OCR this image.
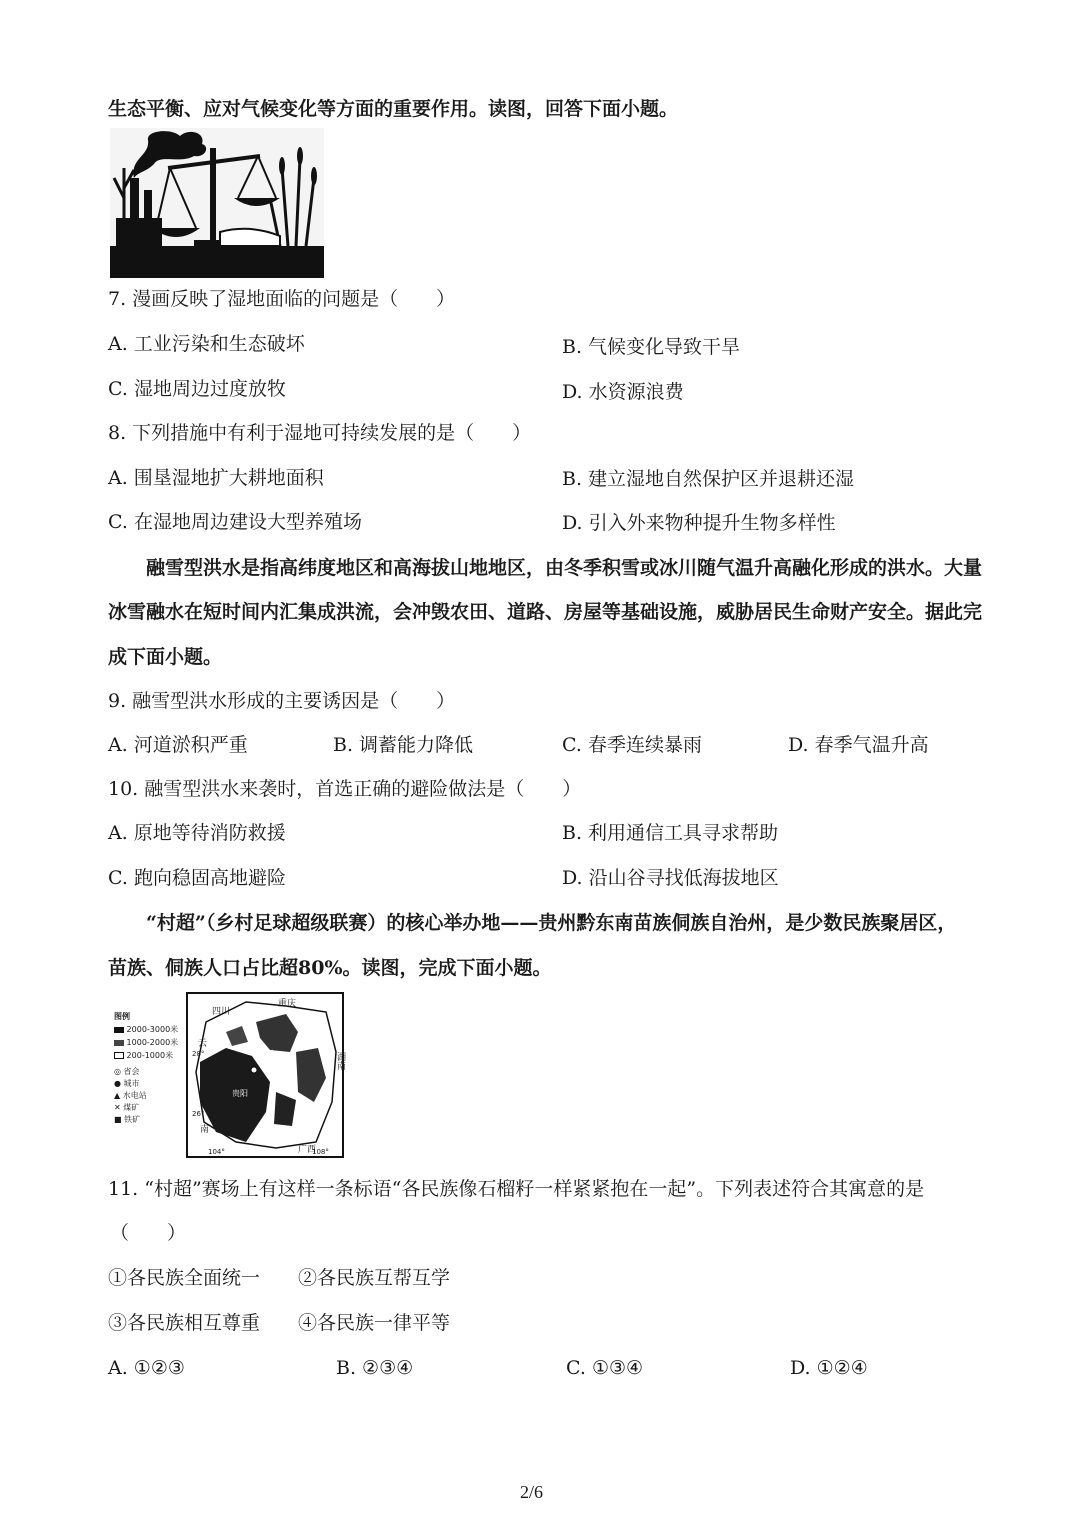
生态平衡、应对气候变化等方面的重要作用。读图，回答下面小题。
7. 漫画反映了湿地面临的问题是（　　）
A. 工业污染和生态破坏	B. 气候变化导致干旱
C. 湿地周边过度放牧	D. 水资源浪费
8. 下列措施中有利于湿地可持续发展的是（　　）
A. 围垦湿地扩大耕地面积	B. 建立湿地自然保护区并退耕还湿
C. 在湿地周边建设大型养殖场	D. 引入外来物种提升生物多样性
融雪型洪水是指高纬度地区和高海拔山地地区，由冬季积雪或冰川随气温升高融化形成的洪水。大量
冰雪融水在短时间内汇集成洪流，会冲毁农田、道路、房屋等基础设施，威胁居民生命财产安全。据此完
成下面小题。
9. 融雪型洪水形成的主要诱因是（　　）
A. 河道淤积严重	B. 调蓄能力降低	C. 春季连续暴雨	D. 春季气温升高
10. 融雪型洪水来袭时，首选正确的避险做法是（　　）
A. 原地等待消防救援	B. 利用通信工具寻求帮助
C. 跑向稳固高地避险	D. 沿山谷寻找低海拔地区
“村超”（乡村足球超级联赛）的核心举办地——贵州黔东南苗族侗族自治州，是少数民族聚居区，
苗族、侗族人口占比超80%。读图，完成下面小题。
图例
2000-3000米
1000-2000米
200-1000米
◎ 省会
● 城市
▲ 水电站
✕ 煤矿
■ 铁矿
四川
重庆
湖南
广西
云
南
贵阳
遵义
28°
26°
104°	108°
11. “村超”赛场上有这样一条标语“各民族像石榴籽一样紧紧抱在一起”。下列表述符合其寓意的是
（　　）
①各民族全面统一 ②各民族互帮互学
③各民族相互尊重 ④各民族一律平等
A. ①②③	B. ②③④	C. ①③④	D. ①②④
2/6
